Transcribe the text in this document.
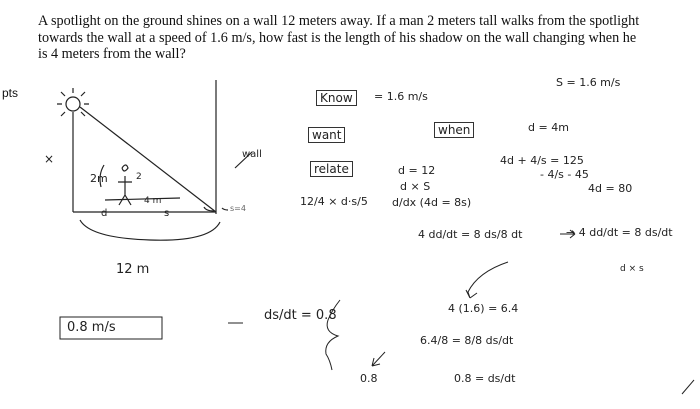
A spotlight on the ground shines on a wall 12 meters away. If a man 2 meters tall walks from the spotlight towards the wall at a speed of 1.6 m/s, how fast is the length of his shadow on the wall changing when he is 4 meters from the wall?
pts
×
2m	2
4 m
d	s
wall
s=4
12 m
0.8 m/s
ds/dt = 0.8
0.8
Know	= 1.6 m/s
S = 1.6 m/s
want	when	d = 4m
relate	d = 12
d × S
4d + 4/s = 125
- 4/s - 45
4d = 80
12/4 × d·s/5 d/dx (4d = 8s)
4 dd/dt = 8 ds/8 dt	→ 4 dd/dt = 8 ds/dt
d × s
4 (1.6) = 6.4
6.4/8 = 8/8 ds/dt
0.8 = ds/dt
